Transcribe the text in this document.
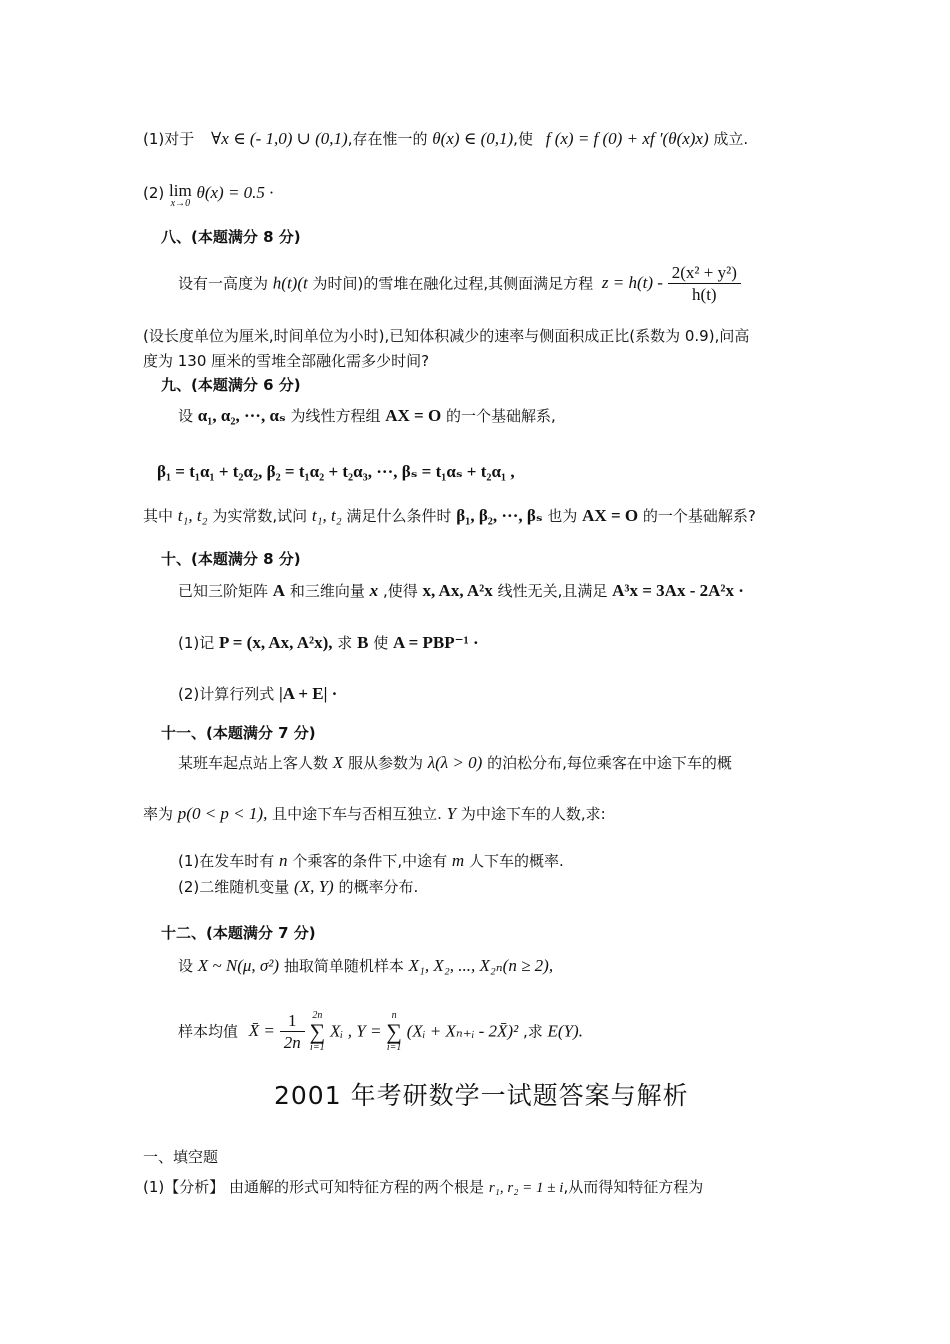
(1)对于 ∀x ∈ (- 1,0) ∪ (0,1),存在惟一的 θ(x) ∈ (0,1),使 f (x) = f (0) + xf ′(θ(x)x) 成立.
(2) lim
x→0
θ(x) = 0.5 ·
八、(本题满分 8 分)
设有一高度为 h(t)(t 为时间)的雪堆在融化过程,其侧面满足方程 $z = h(t) - \frac{\text{2(x² + y²)}}{h(t)}$
(设长度单位为厘米,时间单位为小时),已知体积减少的速率与侧面积成正比(系数为 0.9),问高
度为 130 厘米的雪堆全部融化需多少时间?
九、(本题满分 6 分)
设 α₁, α₂, ···, αₛ 为线性方程组 AX = O 的一个基础解系,
β₁ = t₁α₁ + t₂α₂, β₂ = t₁α₂ + t₂α₃, ···, βₛ = t₁αₛ + t₂α₁ ,
其中 t₁, t₂ 为实常数,试问 t₁, t₂ 满足什么条件时 β₁, β₂, ···, βₛ 也为 AX = O 的一个基础解系?
十、(本题满分 8 分)
已知三阶矩阵 A 和三维向量 x ,使得 x, Ax, A²x 线性无关,且满足 A³x = 3Ax - 2A²x ·
(1)记 P = (x, Ax, A²x), 求 B 使 A = PBP⁻¹ ·
(2)计算行列式 |A + E| ·
十一、(本题满分 7 分)
某班车起点站上客人数 X 服从参数为 λ(λ > 0) 的泊松分布,每位乘客在中途下车的概
率为 p(0 < p < 1), 且中途下车与否相互独立. Y 为中途下车的人数,求:
(1)在发车时有 n 个乘客的条件下,中途有 m 人下车的概率.
(2)二维随机变量 (X, Y) 的概率分布.
十二、(本题满分 7 分)
设 X ~ N(μ, σ²) 抽取简单随机样本 X₁, X₂, ..., X₂ₙ(n ≥ 2),
样本均值 X̄ = $\frac{1}{2n}$
2n
∑
i=1
Xᵢ , Y =
n
∑
i=1
(Xᵢ + Xₙ₊ᵢ - 2X̄)² ,求 E(Y).
2001 年考研数学一试题答案与解析
一、填空题
(1)【分析】 由通解的形式可知特征方程的两个根是 r₁, r₂ = 1 ± i,从而得知特征方程为
